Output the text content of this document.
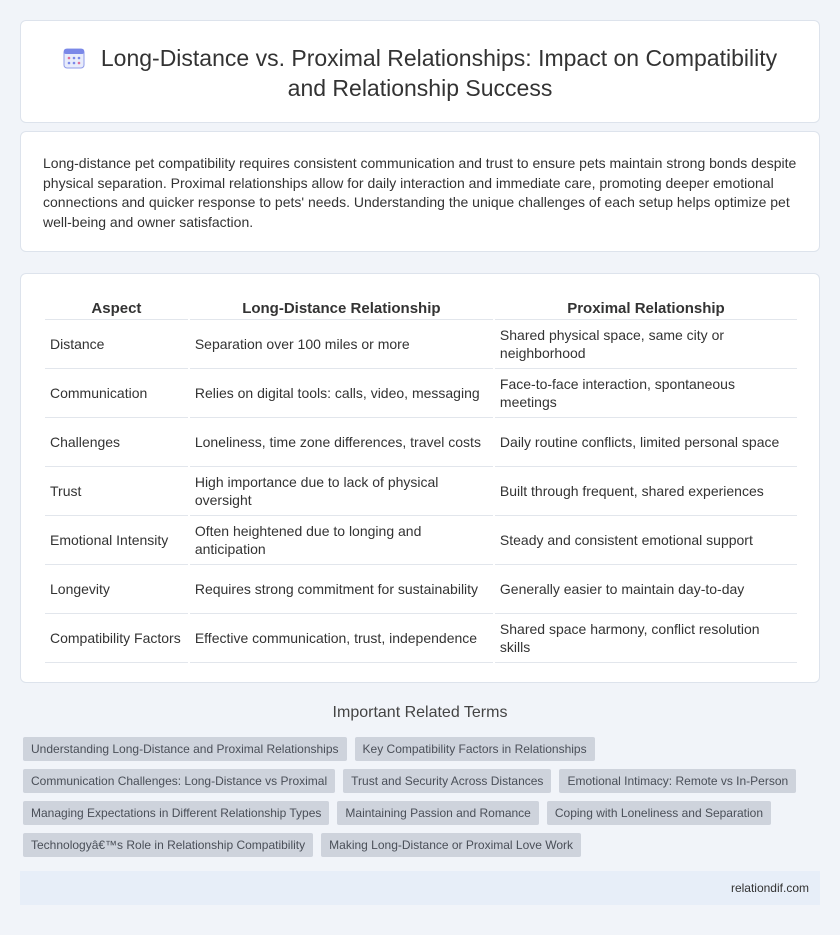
Long-Distance vs. Proximal Relationships: Impact on Compatibility and Relationship Success

Long-distance pet compatibility requires consistent communication and trust to ensure pets maintain strong bonds despite physical separation. Proximal relationships allow for daily interaction and immediate care, promoting deeper emotional connections and quicker response to pets' needs. Understanding the unique challenges of each setup helps optimize pet well-being and owner satisfaction.

Aspect	Long-Distance Relationship	Proximal Relationship
Distance	Separation over 100 miles or more	Shared physical space, same city or neighborhood
Communication	Relies on digital tools: calls, video, messaging	Face-to-face interaction, spontaneous meetings
Challenges	Loneliness, time zone differences, travel costs	Daily routine conflicts, limited personal space
Trust	High importance due to lack of physical oversight	Built through frequent, shared experiences
Emotional Intensity	Often heightened due to longing and anticipation	Steady and consistent emotional support
Longevity	Requires strong commitment for sustainability	Generally easier to maintain day-to-day
Compatibility Factors	Effective communication, trust, independence	Shared space harmony, conflict resolution skills
Important Related Terms
Understanding Long-Distance and Proximal Relationships	Key Compatibility Factors in Relationships
Communication Challenges: Long-Distance vs Proximal	Trust and Security Across Distances	Emotional Intimacy: Remote vs In-Person
Managing Expectations in Different Relationship Types	Maintaining Passion and Romance	Coping with Loneliness and Separation
Technologyâ€™s Role in Relationship Compatibility	Making Long-Distance or Proximal Love Work
relationdif.com
